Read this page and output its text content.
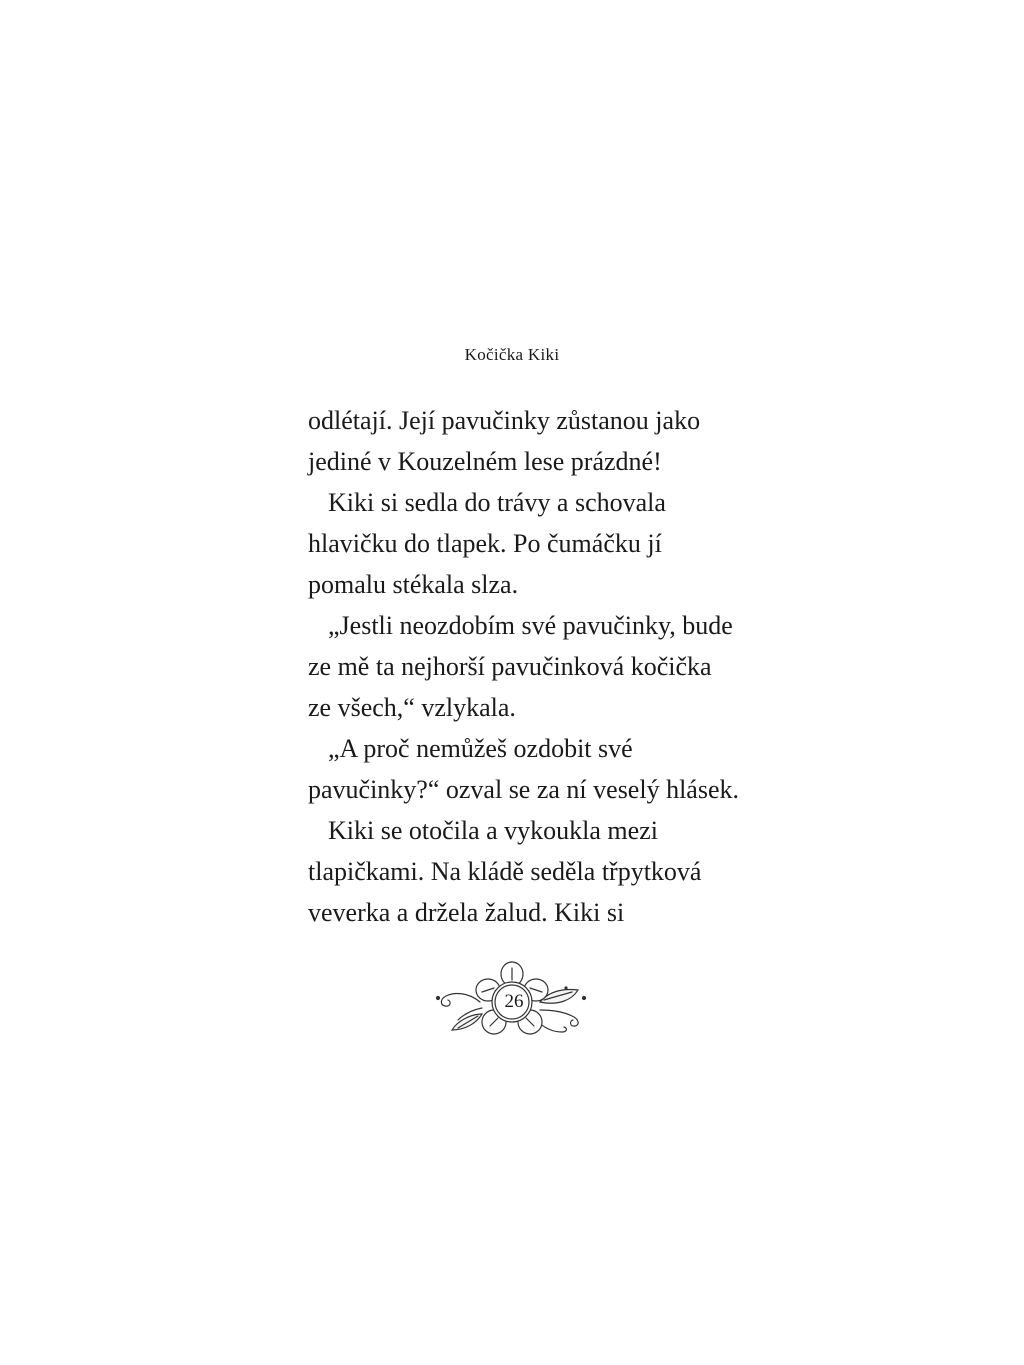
Kočička Kiki
odlétají. Její pavučinky zůstanou jako
jediné v Kouzelném lese prázdné!
Kiki si sedla do trávy a schovala
hlavičku do tlapek. Po čumáčku jí
pomalu stékala slza.
„Jestli neozdobím své pavučinky, bude
ze mě ta nejhorší pavučinková kočička
ze všech,“ vzlykala.
„A proč nemůžeš ozdobit své
pavučinky?“ ozval se za ní veselý hlásek.
Kiki se otočila a vykoukla mezi
tlapičkami. Na kládě seděla třpytková
veverka a držela žalud. Kiki si
26
